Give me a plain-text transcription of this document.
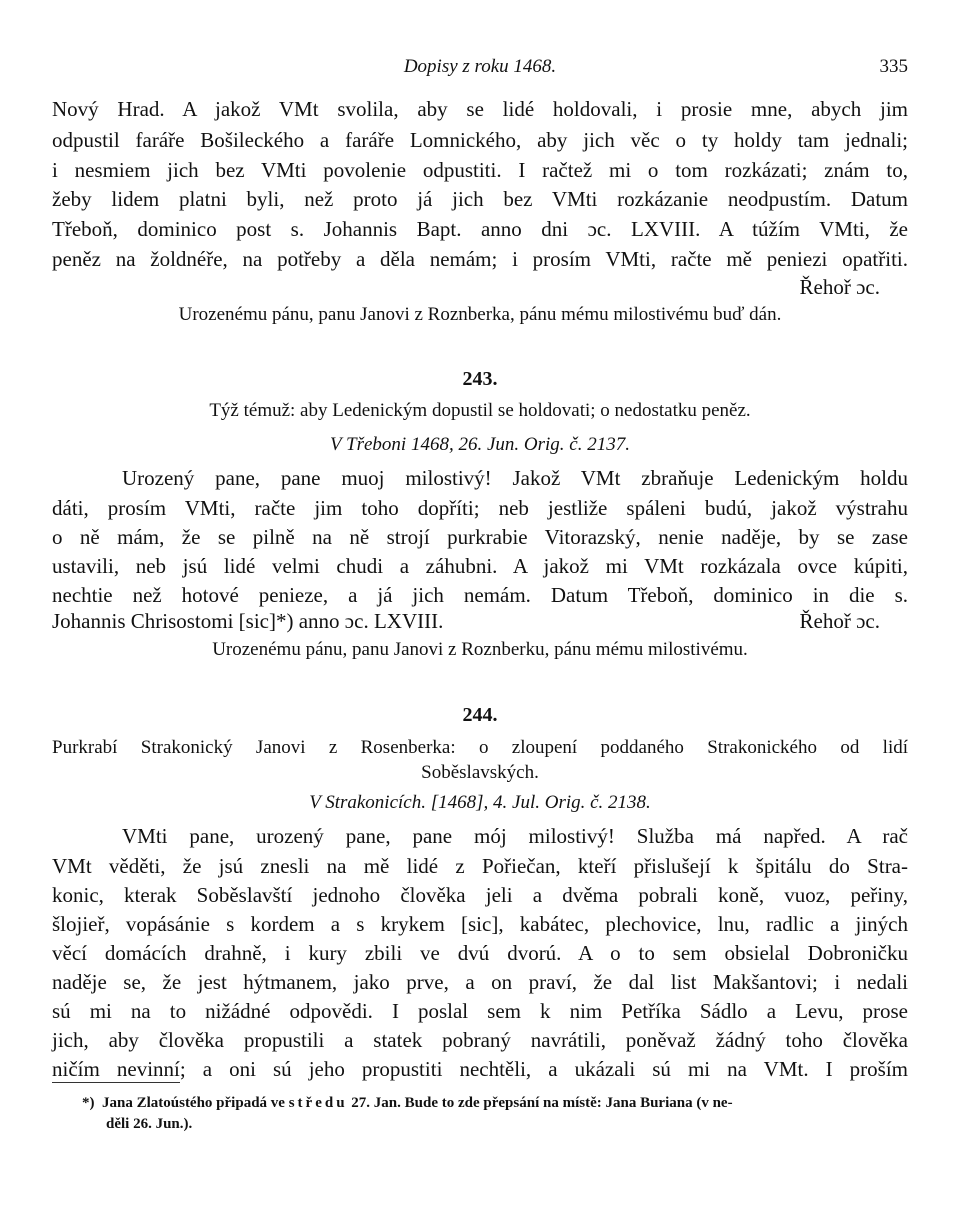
Dopisy z roku 1468.	335
Nový Hrad. A jakož VMt svolila, aby se lidé holdovali, i prosie mne, abych jim
odpustil faráře Bošileckého a faráře Lomnického, aby jich věc o ty holdy tam jednali;
i nesmiem jich bez VMti povolenie odpustiti. I račtež mi o tom rozkázati; znám to,
žeby lidem platni byli, než proto já jich bez VMti rozkázanie neodpustím. Datum
Třeboň, dominico post s. Johannis Bapt. anno dni ɔc. LXVIII. A túžím VMti, že
peněz na žoldnéře, na potřeby a děla nemám; i prosím VMti, račte mě peniezi opatřiti.
Řehoř ɔc.
Urozenému pánu, panu Janovi z Roznberka, pánu mému milostivému buď dán.
243.
Týž témuž: aby Ledenickým dopustil se holdovati; o nedostatku peněz.
V Třeboni 1468, 26. Jun. Orig. č. 2137.
Urozený pane, pane muoj milostivý! Jakož VMt zbraňuje Ledenickým holdu
dáti, prosím VMti, račte jim toho dopříti; neb jestliže spáleni budú, jakož výstrahu
o ně mám, že se pilně na ně strojí purkrabie Vitorazský, nenie naděje, by se zase
ustavili, neb jsú lidé velmi chudi a záhubni. A jakož mi VMt rozkázala ovce kúpiti,
nechtie než hotové penieze, a já jich nemám. Datum Třeboň, dominico in die s.
Johannis Chrisostomi [sic]*) anno ɔc. LXVIII.	Řehoř ɔc.
Urozenému pánu, panu Janovi z Roznberku, pánu mému milostivému.
244.
Purkrabí Strakonický Janovi z Rosenberka: o zloupení poddaného Strakonického od lidí
Soběslavských.
V Strakonicích. [1468], 4. Jul. Orig. č. 2138.
VMti pane, urozený pane, pane mój milostivý! Služba má napřed. A rač
VMt věděti, že jsú znesli na mě lidé z Pořiečan, kteří přislušejí k špitálu do Stra-
konic, kterak Soběslavští jednoho člověka jeli a dvěma pobrali koně, vuoz, peřiny,
šlojieř, vopásánie s kordem a s krykem [sic], kabátec, plechovice, lnu, radlic a jiných
věcí domácích drahně, i kury zbili ve dvú dvorú. A o to sem obsielal Dobroničku
naděje se, že jest hýtmanem, jako prve, a on praví, že dal list Makšantovi; i nedali
sú mi na to nižádné odpovědi. I poslal sem k nim Petříka Sádlo a Levu, prose
jich, aby člověka propustili a statek pobraný navrátili, poněvaž žádný toho člověka
ničím nevinní; a oni sú jeho propustiti nechtěli, a ukázali sú mi na VMt. I proším
*) Jana Zlatoústého připadá ve středu 27. Jan. Bude to zde přepsání na místě: Jana Buriana (v ne-
děli 26. Jun.).
